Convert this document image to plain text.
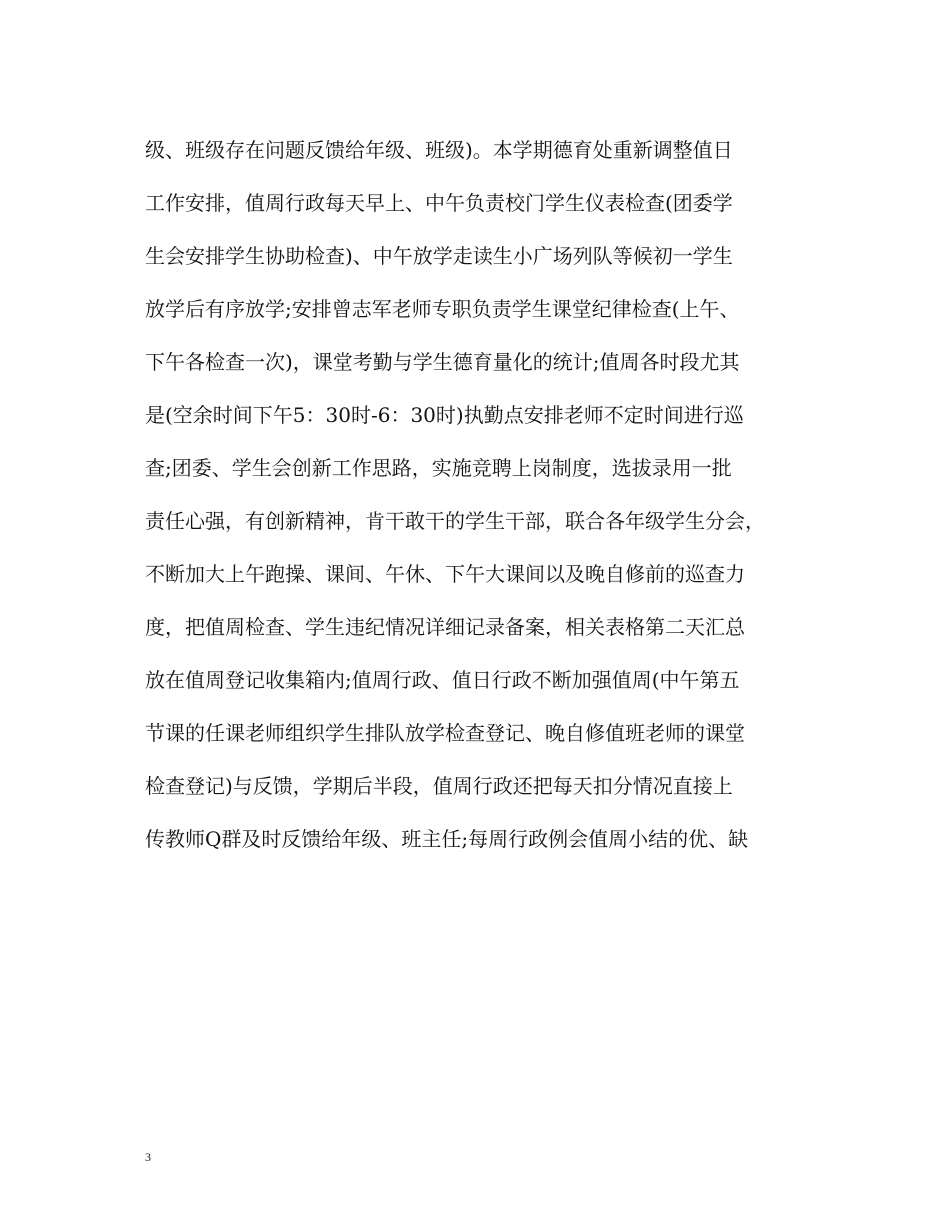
级、班级存在问题反馈给年级、班级)。本学期德育处重新调整值日
工作安排，值周行政每天早上、中午负责校门学生仪表检查(团委学
生会安排学生协助检查)、中午放学走读生小广场列队等候初一学生
放学后有序放学;安排曾志军老师专职负责学生课堂纪律检查(上午、
下午各检查一次)，课堂考勤与学生德育量化的统计;值周各时段尤其
是(空余时间下午5：30时-6：30时)执勤点安排老师不定时间进行巡
查;团委、学生会创新工作思路，实施竞聘上岗制度，选拔录用一批
责任心强，有创新精神，肯干敢干的学生干部，联合各年级学生分会，
不断加大上午跑操、课间、午休、下午大课间以及晚自修前的巡查力
度，把值周检查、学生违纪情况详细记录备案，相关表格第二天汇总
放在值周登记收集箱内;值周行政、值日行政不断加强值周(中午第五
节课的任课老师组织学生排队放学检查登记、晚自修值班老师的课堂
检查登记)与反馈，学期后半段，值周行政还把每天扣分情况直接上
传教师Q群及时反馈给年级、班主任;每周行政例会值周小结的优、缺
3
